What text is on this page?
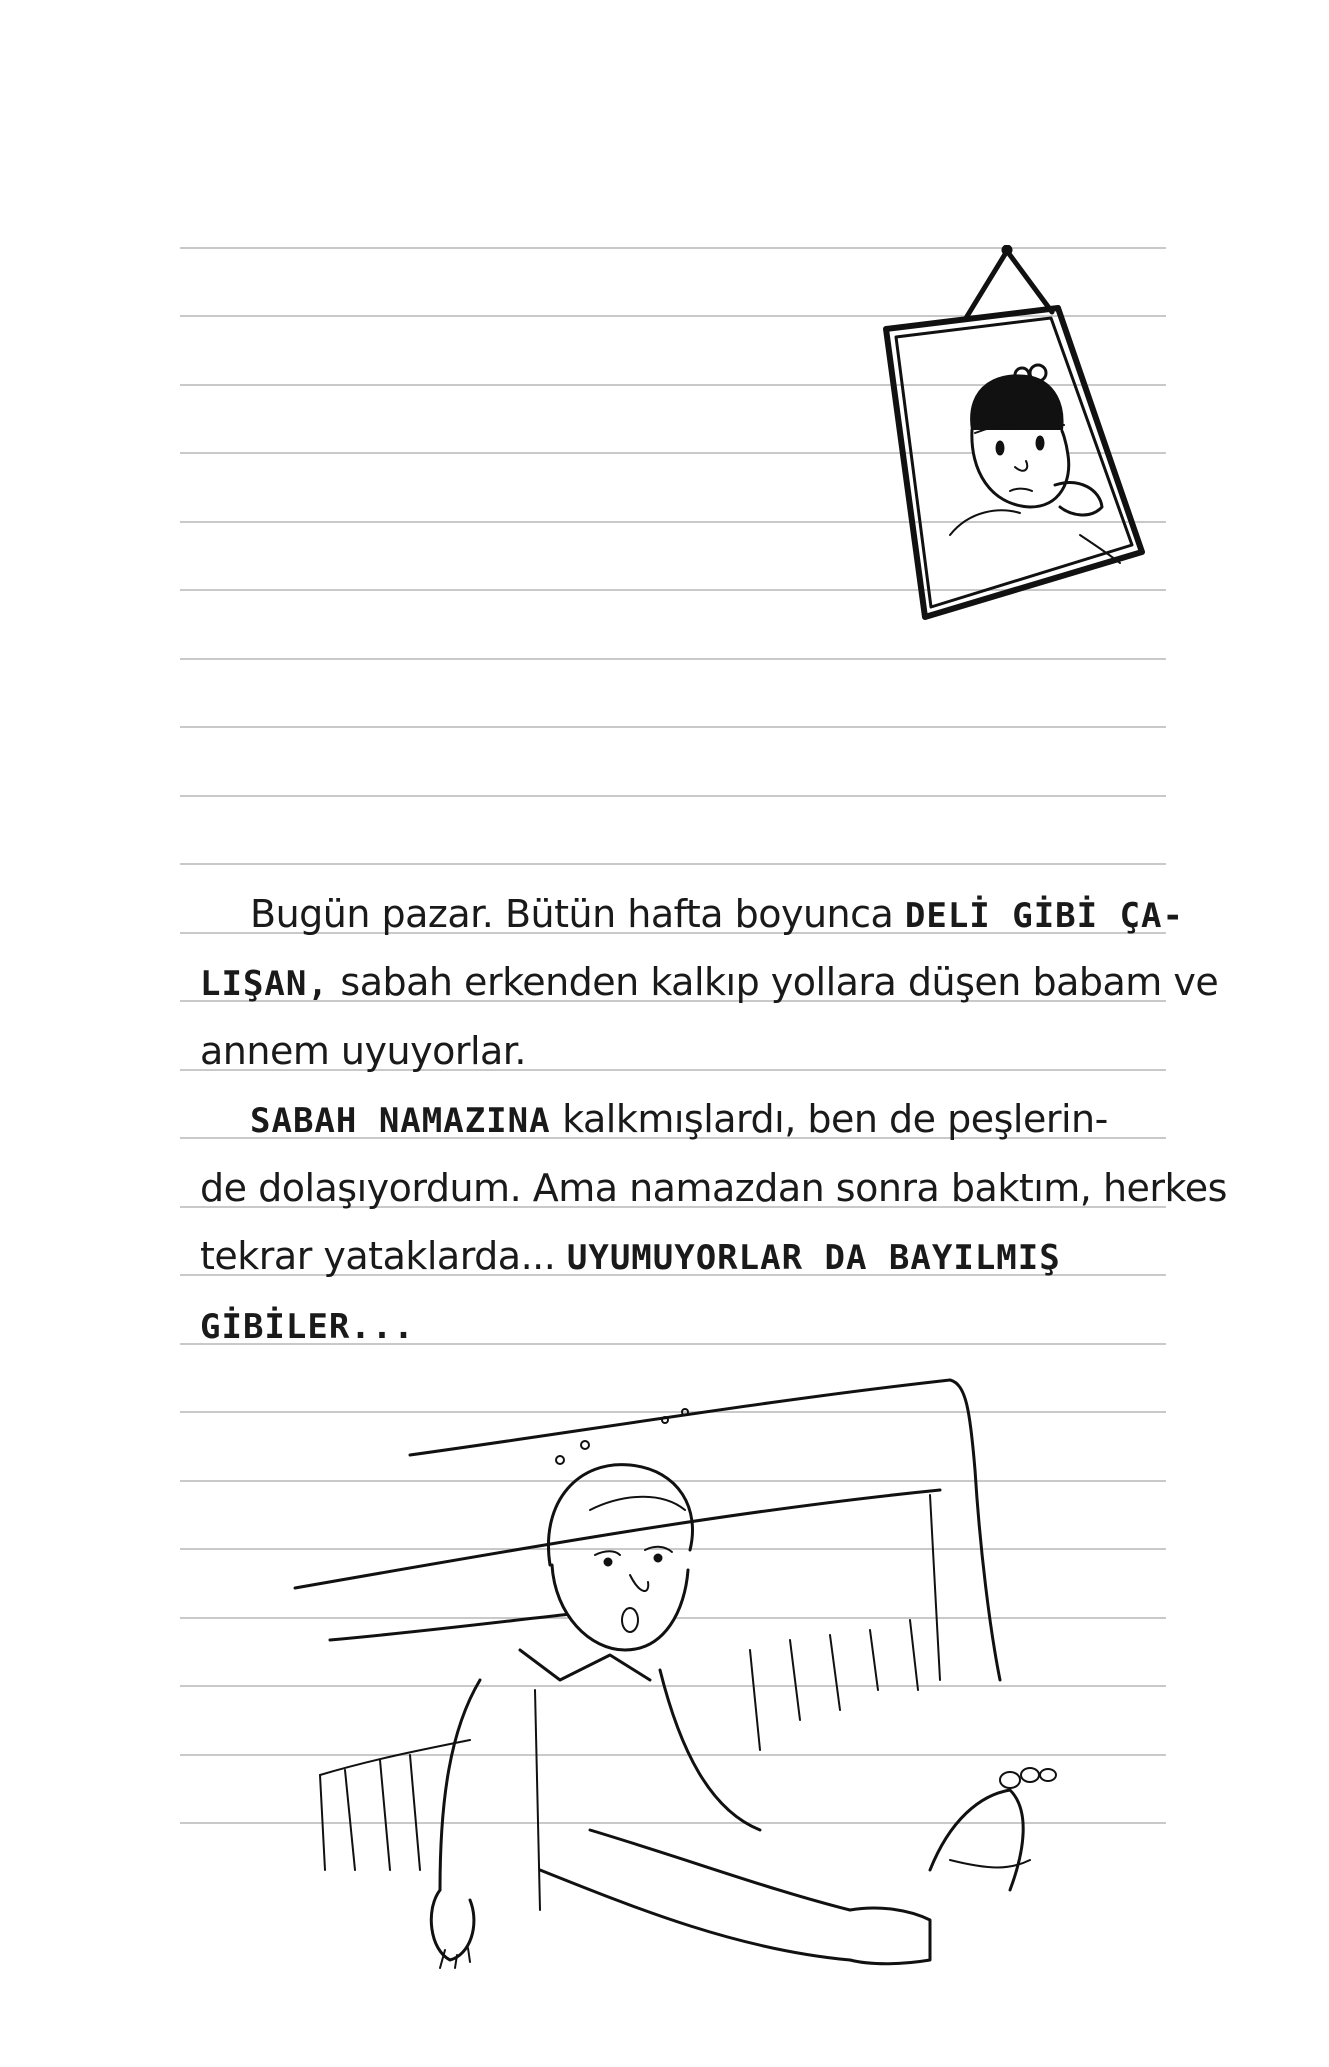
Bugün pazar. Bütün hafta boyunca DELİ GİBİ ÇA-
LIŞAN, sabah erkenden kalkıp yollara düşen babam ve
annem uyuyorlar.
SABAH NAMAZINA kalkmışlardı, ben de peşlerin-
de dolaşıyordum. Ama namazdan sonra baktım, herkes
tekrar yataklarda... UYUMUYORLAR DA BAYILMIŞ
GİBİLER...
